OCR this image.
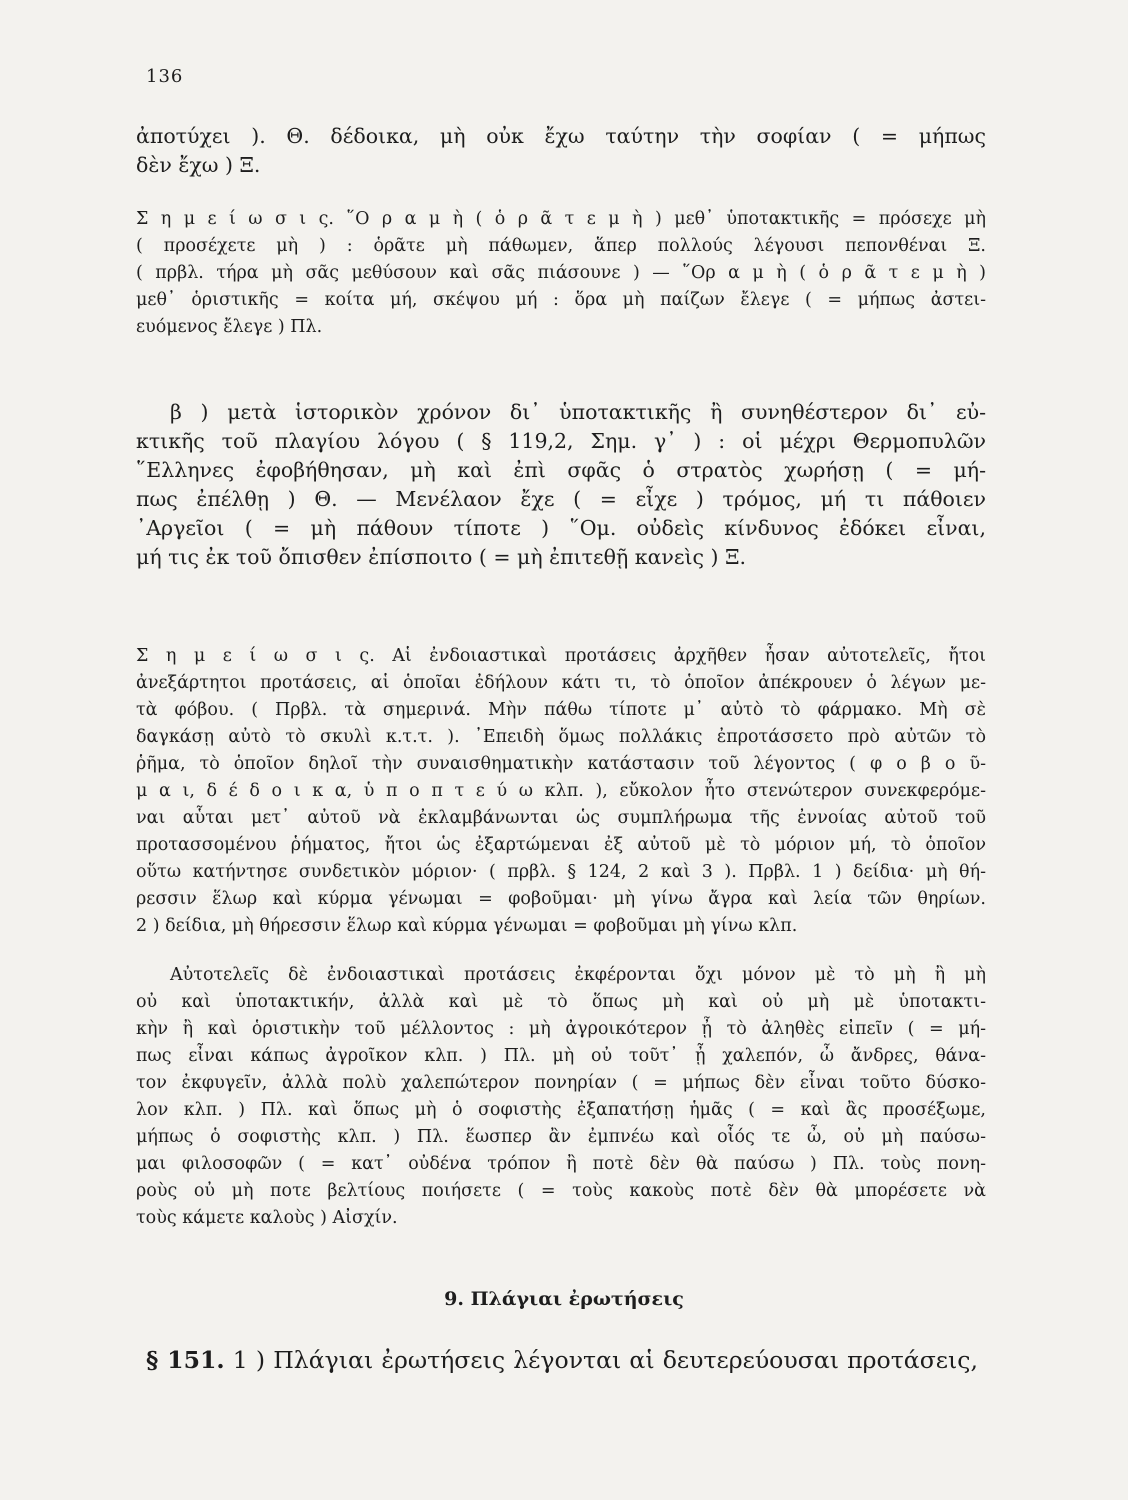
136
ἀποτύχει ). Θ. δέδοικα, μὴ οὐκ ἔχω ταύτην τὴν σοφίαν ( = μήπως
δὲν ἔχω ) Ξ.
Σ η μ ε ί ω σ ι ς. ῞Ο ρ α μ ὴ ( ὁ ρ ᾶ τ ε μ ὴ ) μεθ᾽ ὑποτακτικῆς = πρόσεχε μὴ
( προσέχετε μὴ ) : ὁρᾶτε μὴ πάθωμεν, ἅπερ πολλούς λέγουσι πεπονθέναι Ξ.
( πρβλ. τήρα μὴ σᾶς μεθύσουν καὶ σᾶς πιάσουνε ) — ῞Ορ α μ ὴ ( ὁ ρ ᾶ τ ε μ ὴ )
μεθ᾽ ὁριστικῆς = κοίτα μή, σκέψου μή : ὅρα μὴ παίζων ἔλεγε ( = μήπως ἀστει-
ευόμενος ἔλεγε ) Πλ.
β ) μετὰ ἱστορικὸν χρόνον δι᾽ ὑποτακτικῆς ἢ συνηθέστερον δι᾽ εὐ-
κτικῆς τοῦ πλαγίου λόγου ( § 119,2, Σημ. γ᾽ ) : οἱ μέχρι Θερμοπυλῶν
῞Ελληνες ἐφοβήθησαν, μὴ καὶ ἐπὶ σφᾶς ὁ στρατὸς χωρήσῃ ( = μή-
πως ἐπέλθῃ ) Θ. — Μενέλαον ἔχε ( = εἶχε ) τρόμος, μή τι πάθοιεν
᾽Αργεῖοι ( = μὴ πάθουν τίποτε ) ῞Ομ. οὐδεὶς κίνδυνος ἐδόκει εἶναι,
μή τις ἐκ τοῦ ὄπισθεν ἐπίσποιτο ( = μὴ ἐπιτεθῇ κανεὶς ) Ξ.
Σ η μ ε ί ω σ ι ς. Αἱ ἐνδοιαστικαὶ προτάσεις ἀρχῆθεν ἦσαν αὐτοτελεῖς, ἤτοι
ἀνεξάρτητοι προτάσεις, αἱ ὁποῖαι ἐδήλουν κάτι τι, τὸ ὁποῖον ἀπέκρουεν ὁ λέγων με-
τὰ φόβου. ( Πρβλ. τὰ σημερινά. Μὴν πάθω τίποτε μ᾽ αὐτὸ τὸ φάρμακο. Μὴ σὲ
δαγκάσῃ αὐτὸ τὸ σκυλὶ κ.τ.τ. ). ᾽Επειδὴ ὅμως πολλάκις ἐπροτάσσετο πρὸ αὐτῶν τὸ
ῥῆμα, τὸ ὁποῖον δηλοῖ τὴν συναισθηματικὴν κατάστασιν τοῦ λέγοντος ( φ ο β ο ῦ-
μ α ι, δ έ δ ο ι κ α, ὑ π ο π τ ε ύ ω κλπ. ), εὔκολον ἦτο στενώτερον συνεκφερόμε-
ναι αὗται μετ᾽ αὐτοῦ νὰ ἐκλαμβάνωνται ὡς συμπλήρωμα τῆς ἐννοίας αὐτοῦ τοῦ
προτασσομένου ῥήματος, ἤτοι ὡς ἐξαρτώμεναι ἐξ αὐτοῦ μὲ τὸ μόριον μή, τὸ ὁποῖον
οὕτω κατήντησε συνδετικὸν μόριον· ( πρβλ. § 124, 2 καὶ 3 ). Πρβλ. 1 ) δείδια· μὴ θή-
ρεσσιν ἕλωρ καὶ κύρμα γένωμαι = φοβοῦμαι· μὴ γίνω ἄγρα καὶ λεία τῶν θηρίων.
2 ) δείδια, μὴ θήρεσσιν ἕλωρ καὶ κύρμα γένωμαι = φοβοῦμαι μὴ γίνω κλπ.
Αὐτοτελεῖς δὲ ἐνδοιαστικαὶ προτάσεις ἐκφέρονται ὄχι μόνον μὲ τὸ μὴ ἢ μὴ
οὐ καὶ ὑποτακτικήν, ἀλλὰ καὶ μὲ τὸ ὅπως μὴ καὶ οὐ μὴ μὲ ὑποτακτι-
κὴν ἢ καὶ ὁριστικὴν τοῦ μέλλοντος : μὴ ἀγροικότερον ᾖ τὸ ἀληθὲς εἰπεῖν ( = μή-
πως εἶναι κάπως ἀγροῖκον κλπ. ) Πλ. μὴ οὐ τοῦτ᾽ ᾖ χαλεπόν, ὦ ἄνδρες, θάνα-
τον ἐκφυγεῖν, ἀλλὰ πολὺ χαλεπώτερον πονηρίαν ( = μήπως δὲν εἶναι τοῦτο δύσκο-
λον κλπ. ) Πλ. καὶ ὅπως μὴ ὁ σοφιστὴς ἐξαπατήσῃ ἡμᾶς ( = καὶ ἂς προσέξωμε,
μήπως ὁ σοφιστὴς κλπ. ) Πλ. ἕωσπερ ἂν ἐμπνέω καὶ οἷός τε ὦ, οὐ μὴ παύσω-
μαι φιλοσοφῶν ( = κατ᾽ οὐδένα τρόπον ἢ ποτὲ δὲν θὰ παύσω ) Πλ. τοὺς πονη-
ροὺς οὐ μὴ ποτε βελτίους ποιήσετε ( = τοὺς κακοὺς ποτὲ δὲν θὰ μπορέσετε νὰ
τοὺς κάμετε καλοὺς ) Αἰσχίν.
9. Πλάγιαι ἐρωτήσεις
§ 151. 1 ) Πλάγιαι ἐρωτήσεις λέγονται αἱ δευτερεύουσαι προτάσεις,
